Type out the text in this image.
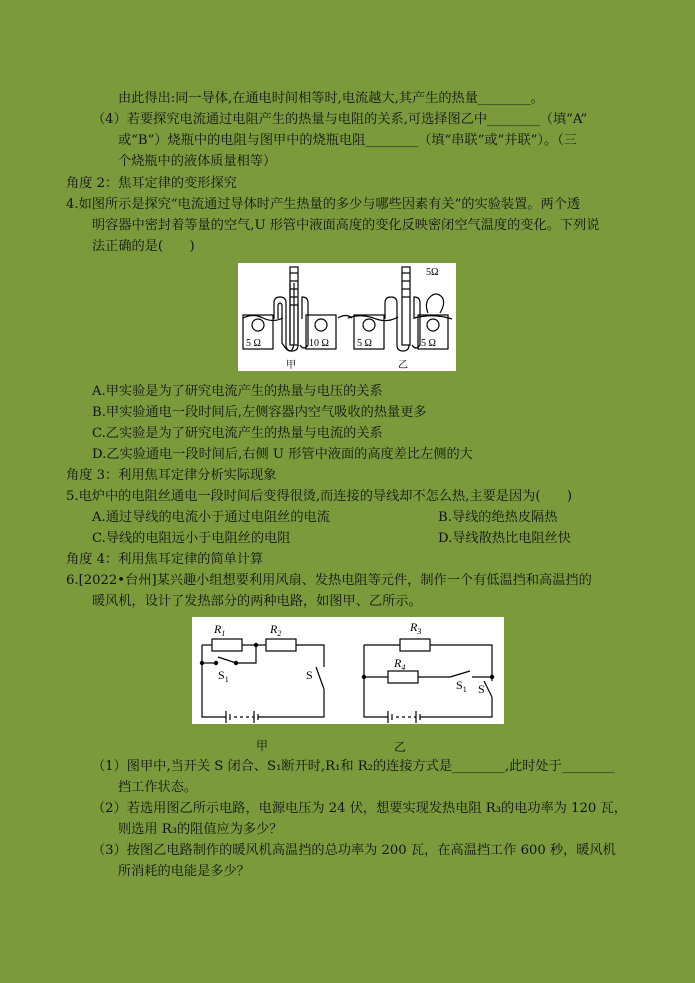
由此得出:同一导体,在通电时间相等时,电流越大,其产生的热量________。
（4）若要探究电流通过电阻产生的热量与电阻的关系,可选择图乙中________（填“A”
或“B”）烧瓶中的电阻与图甲中的烧瓶电阻________（填“串联”或“并联”）。（三
个烧瓶中的液体质量相等）
角度 2：焦耳定律的变形探究
4.如图所示是探究“电流通过导体时产生热量的多少与哪些因素有关”的实验装置。两个透
明容器中密封着等量的空气,U 形管中液面高度的变化反映密闭空气温度的变化。下列说
法正确的是(　　)
5 Ω	10 Ω	5 Ω	5 Ω
5Ω
甲	乙
A.甲实验是为了研究电流产生的热量与电压的关系
B.甲实验通电一段时间后,左侧容器内空气吸收的热量更多
C.乙实验是为了研究电流产生的热量与电流的关系
D.乙实验通电一段时间后,右侧 U 形管中液面的高度差比左侧的大
角度 3：利用焦耳定律分析实际现象
5.电炉中的电阻丝通电一段时间后变得很烫,而连接的导线却不怎么热,主要是因为(　　)
A.通过导线的电流小于通过电阻丝的电流	B.导线的绝热皮隔热
C.导线的电阻远小于电阻丝的电阻	D.导线散热比电阻丝快
角度 4：利用焦耳定律的简单计算
6.[2022•台州]某兴趣小组想要利用风扇、发热电阻等元件，制作一个有低温挡和高温挡的
暖风机，设计了发热部分的两种电路，如图甲、乙所示。
$R_1$	$R_2$
$S_1$	S
$R_3$
$R_4$
$S_1$ S
甲	乙
（1）图甲中,当开关 S 闭合、S₁断开时,R₁和 R₂的连接方式是________,此时处于________
挡工作状态。
（2）若选用图乙所示电路，电源电压为 24 伏，想要实现发热电阻 R₃的电功率为 120 瓦，
则选用 R₃的阻值应为多少？
（3）按图乙电路制作的暖风机高温挡的总功率为 200 瓦，在高温挡工作 600 秒，暖风机
所消耗的电能是多少？
